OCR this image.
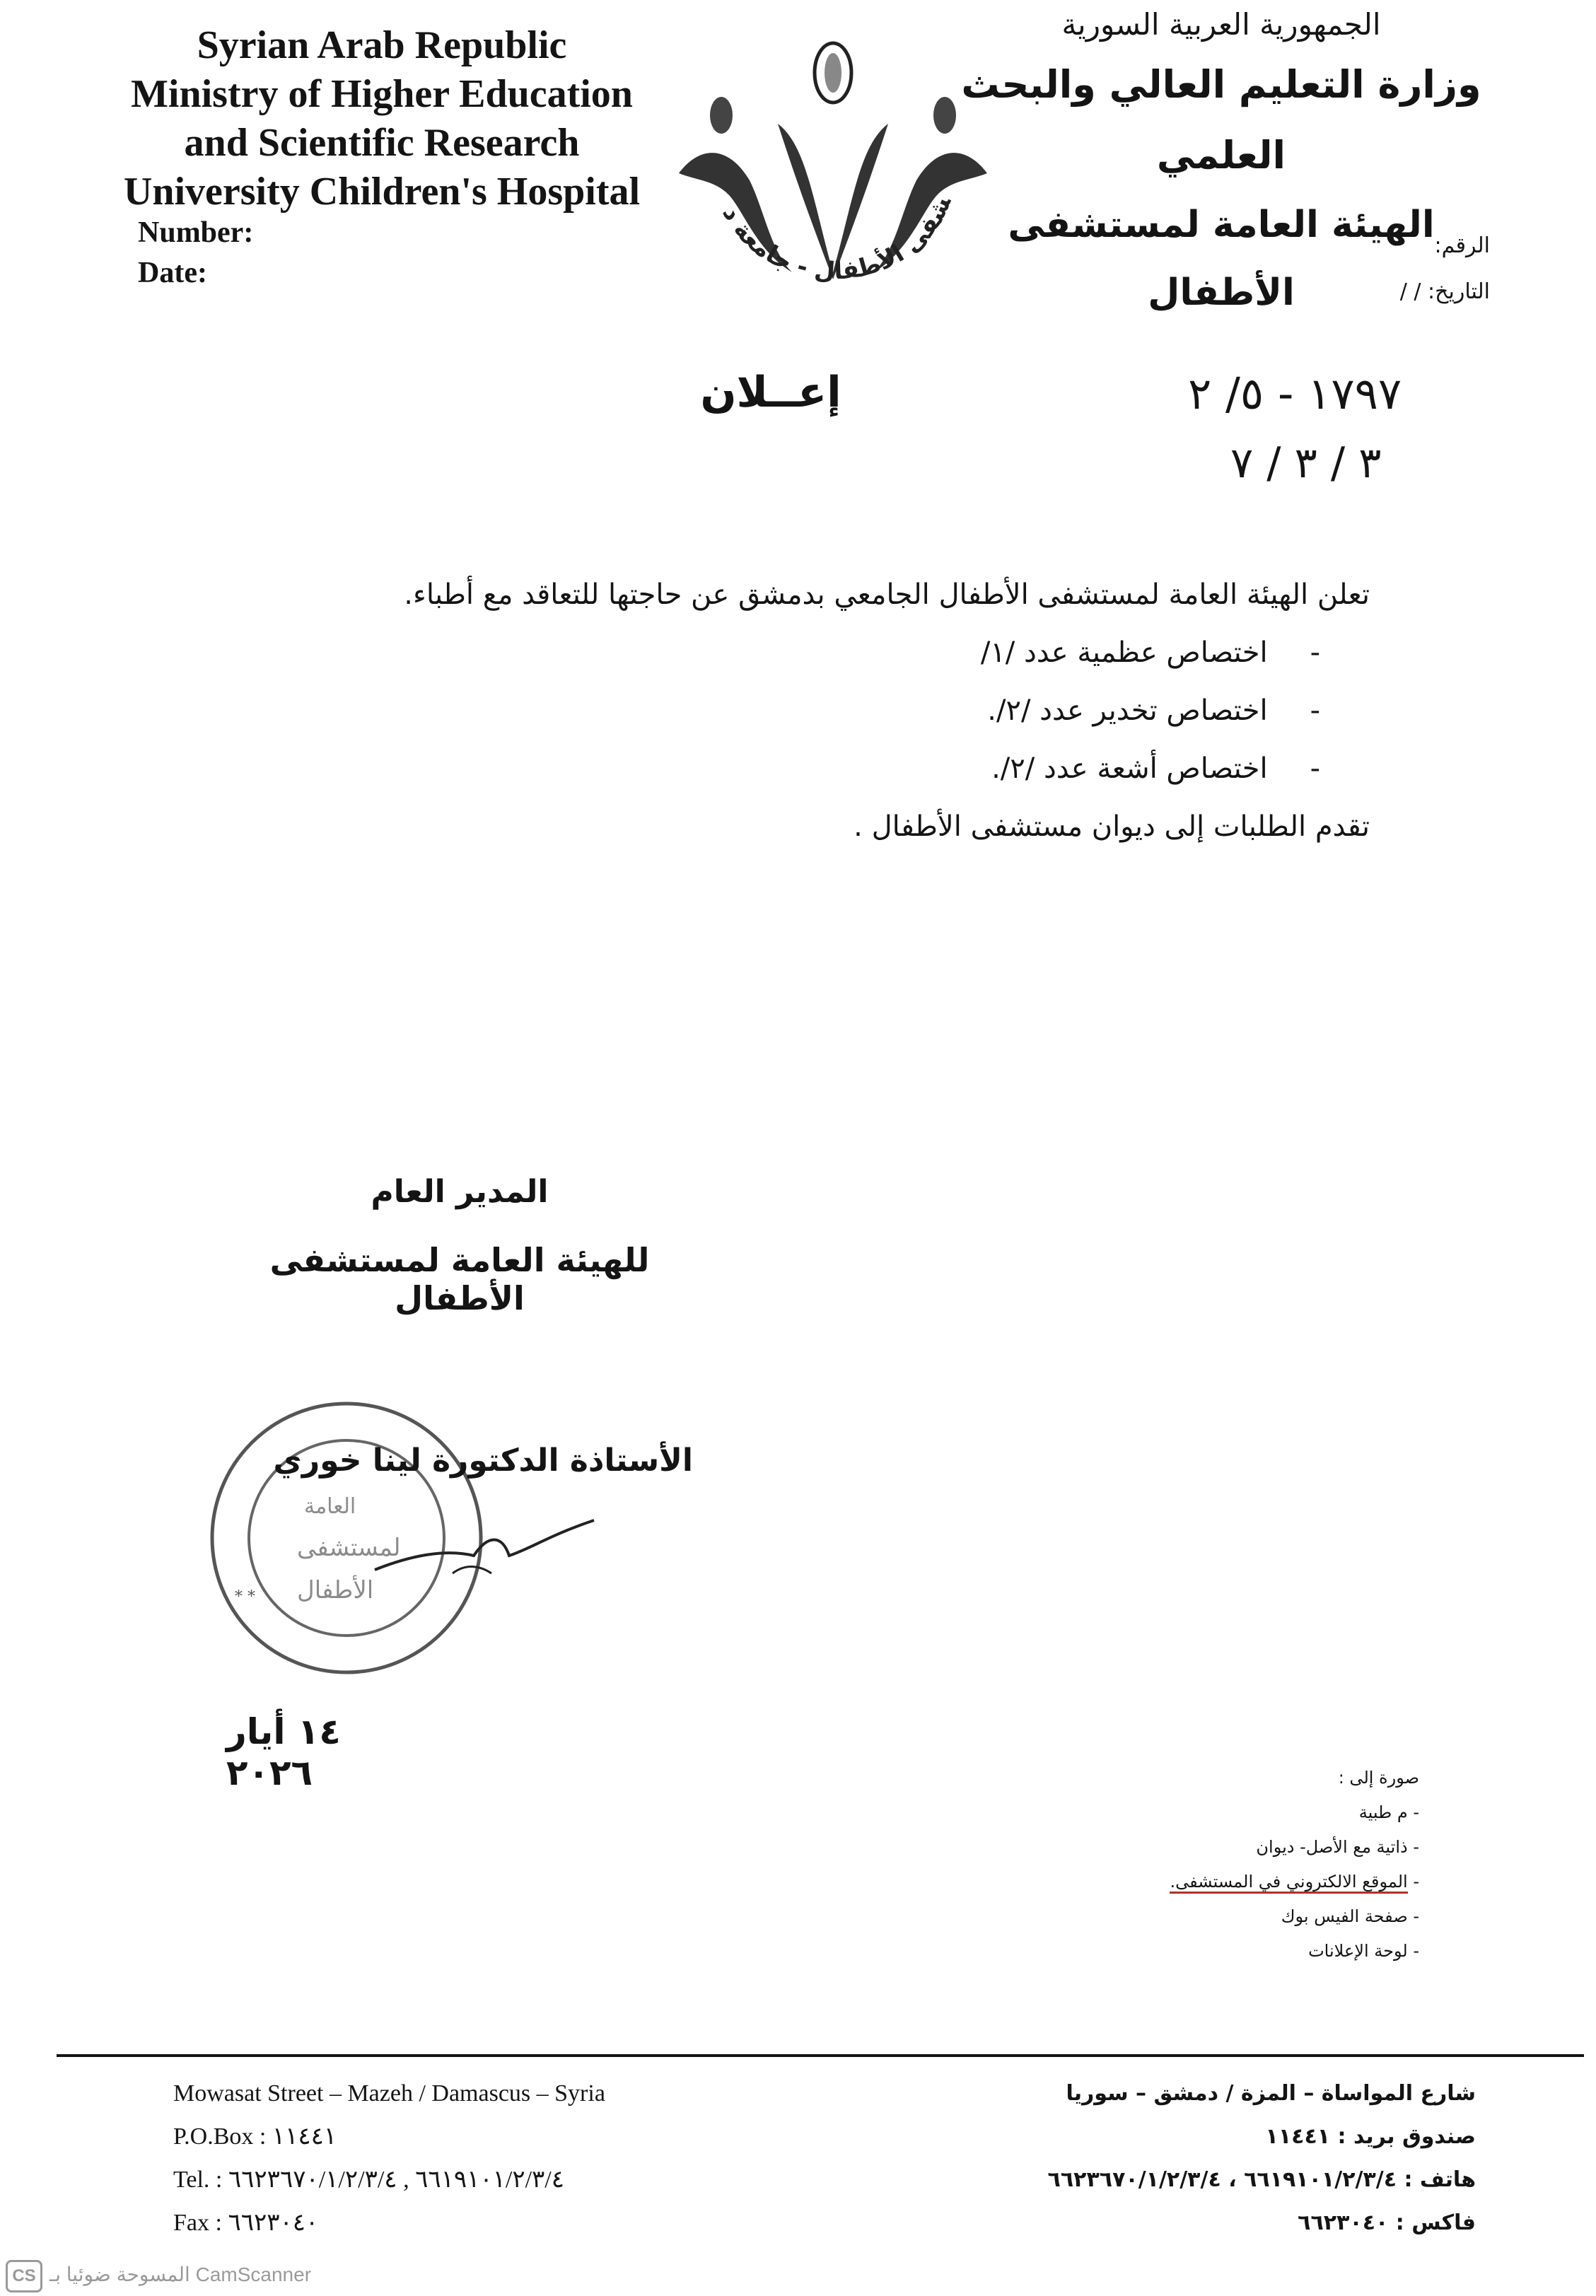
Syrian Arab Republic
Ministry of Higher Education
and Scientific Research
University Children's Hospital
Number:
Date:
شفى الأطفال - جامعة د
الجمهورية العربية السورية
وزارة التعليم العالي والبحث العلمي
الهيئة العامة لمستشفى الأطفال
الرقم:
التاريخ: / /
إعــلان	١٧٩٧ - ٥/ ٢
٣ / ٣ / ٧
تعلن الهيئة العامة لمستشفى الأطفال الجامعي بدمشق عن حاجتها للتعاقد مع أطباء.
-اختصاص عظمية عدد /١/
-اختصاص تخدير عدد /٢/.
-اختصاص أشعة عدد /٢/.
تقدم الطلبات إلى ديوان مستشفى الأطفال .
المدير العام
للهيئة العامة لمستشفى الأطفال
العامة
لمستشفى
الأطفال
* *
الأستاذة الدكتورة لينا خوري
١٤ أيار ٢٠٢٦	صورة إلى :
- م طبية
- ذاتية مع الأصل- ديوان
- الموقع الالكتروني في المستشفى.
- صفحة الفيس بوك
- لوحة الإعلانات
Mowasat Street – Mazeh / Damascus – Syria
P.O.Box : ١١٤٤١
Tel. : ٦٦١٩١٠١/٢/٣/٤ , ٦٦٢٣٦٧٠/١/٢/٣/٤
Fax : ٦٦٢٣٠٤٠
شارع المواساة – المزة / دمشق – سوريا
صندوق بريد : ١١٤٤١
هاتف : ٦٦١٩١٠١/٢/٣/٤ ، ٦٦٢٣٦٧٠/١/٢/٣/٤
فاكس : ٦٦٢٣٠٤٠
CS المسوحة ضوئيا بـ CamScanner
